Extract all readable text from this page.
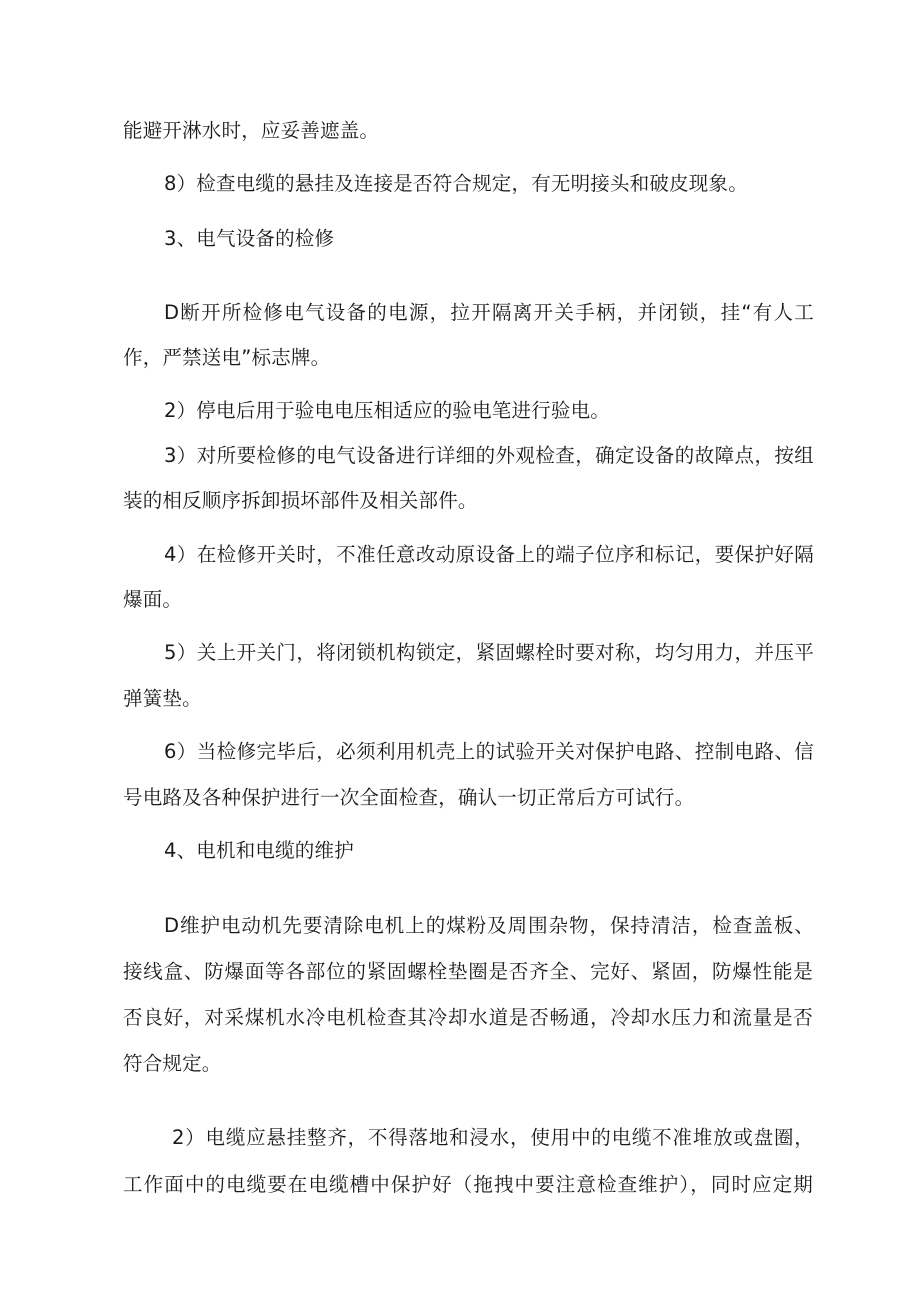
能避开淋水时，应妥善遮盖。
8）检查电缆的悬挂及连接是否符合规定，有无明接头和破皮现象。
3、电气设备的检修
D断开所检修电气设备的电源，拉开隔离开关手柄，并闭锁，挂“有人工
作，严禁送电”标志牌。
2）停电后用于验电电压相适应的验电笔进行验电。
3）对所要检修的电气设备进行详细的外观检查，确定设备的故障点，按组
装的相反顺序拆卸损坏部件及相关部件。
4）在检修开关时，不准任意改动原设备上的端子位序和标记，要保护好隔
爆面。
5）关上开关门，将闭锁机构锁定，紧固螺栓时要对称，均匀用力，并压平
弹簧垫。
6）当检修完毕后，必须利用机壳上的试验开关对保护电路、控制电路、信
号电路及各种保护进行一次全面检查，确认一切正常后方可试行。
4、电机和电缆的维护
D维护电动机先要清除电机上的煤粉及周围杂物，保持清洁，检查盖板、
接线盒、防爆面等各部位的紧固螺栓垫圈是否齐全、完好、紧固，防爆性能是
否良好，对采煤机水冷电机检查其冷却水道是否畅通，冷却水压力和流量是否
符合规定。
2）电缆应悬挂整齐，不得落地和浸水，使用中的电缆不准堆放或盘圈，
工作面中的电缆要在电缆槽中保护好（拖拽中要注意检查维护），同时应定期
